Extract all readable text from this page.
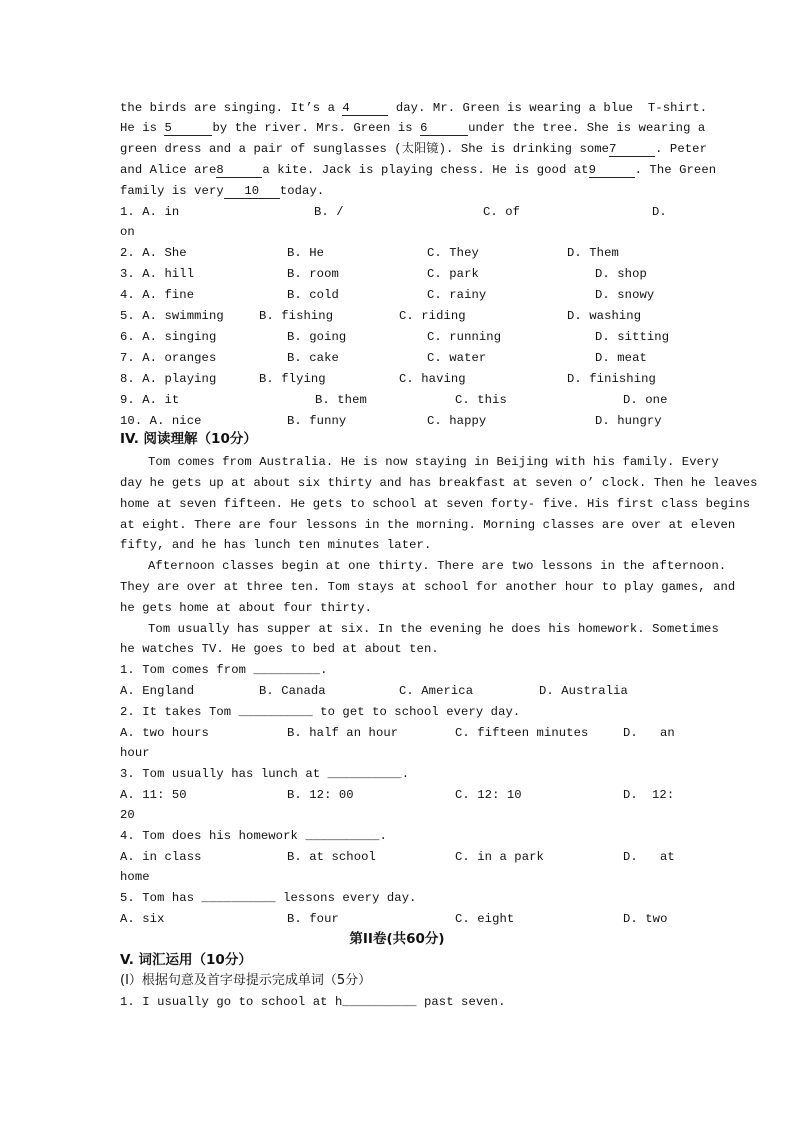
the birds are singing. It’s a 4	day. Mr. Green is wearing a blue  T-shirt.
He is 5	by the river. Mrs. Green is 6	under the tree. She is wearing a
green dress and a pair of sunglasses (太阳镜). She is drinking some7	. Peter
and Alice are8	a kite. Jack is playing chess. He is good at9	. The Green
family is very 10 today.
1. A. in	B. /	C. of	D.
on
2. A. She	B. He	C. They	D. Them
3. A. hill	B. room	C. park	D. shop
4. A. fine	B. cold	C. rainy	D. snowy
5. A. swimming	B. fishing	C. riding	D. washing
6. A. singing	B. going	C. running	D. sitting
7. A. oranges	B. cake	C. water	D. meat
8. A. playing	B. flying	C. having	D. finishing
9. A. it	B. them	C. this	D. one
10. A. nice	B. funny	C. happy	D. hungry
IV. 阅读理解（10分）
Tom comes from Australia. He is now staying in Beijing with his family. Every
day he gets up at about six thirty and has breakfast at seven o’ clock. Then he leaves
home at seven fifteen. He gets to school at seven forty- five. His first class begins
at eight. There are four lessons in the morning. Morning classes are over at eleven
fifty, and he has lunch ten minutes later.
Afternoon classes begin at one thirty. There are two lessons in the afternoon.
They are over at three ten. Tom stays at school for another hour to play games, and
he gets home at about four thirty.
Tom usually has supper at six. In the evening he does his homework. Sometimes
he watches TV. He goes to bed at about ten.
1. Tom comes from _________.
A. England	B. Canada	C. America	D. Australia
2. It takes Tom __________ to get to school every day.
A. two hours	B. half an hour	C. fifteen minutes	D. an
hour
3. Tom usually has lunch at __________.
A. 11: 50	B. 12: 00	C. 12: 10	D. 12:
20
4. Tom does his homework __________.
A. in class	B. at school	C. in a park	D. at
home
5. Tom has __________ lessons every day.
A. six	B. four	C. eight	D. two
第II卷(共60分)
V. 词汇运用（10分）
(I）根据句意及首字母提示完成单词（5分）
1. I usually go to school at h__________ past seven.
